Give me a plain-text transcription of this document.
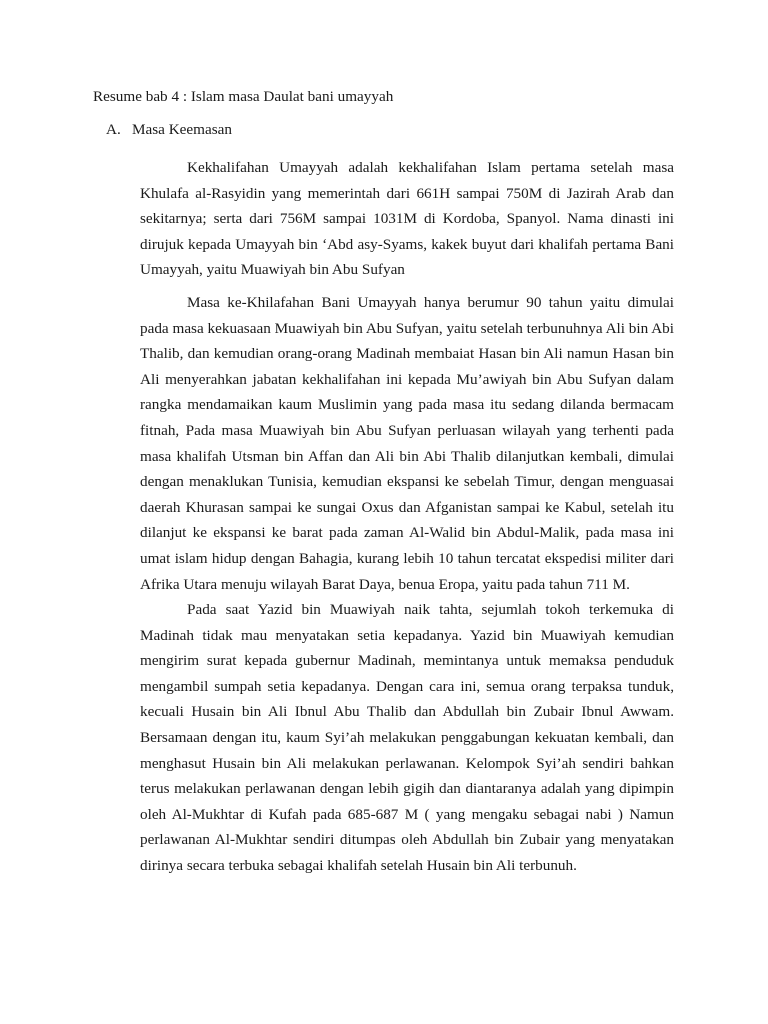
Resume bab 4 : Islam masa Daulat bani umayyah
A. Masa Keemasan

Kekhalifahan Umayyah adalah kekhalifahan Islam pertama setelah masa Khulafa al-Rasyidin yang memerintah dari 661H sampai 750M di Jazirah Arab dan sekitarnya; serta dari 756M sampai 1031M di Kordoba, Spanyol. Nama dinasti ini dirujuk kepada Umayyah bin ‘Abd asy-Syams, kakek buyut dari khalifah pertama Bani Umayyah, yaitu Muawiyah bin Abu Sufyan

Masa ke-Khilafahan Bani Umayyah hanya berumur 90 tahun yaitu dimulai pada masa kekuasaan Muawiyah bin Abu Sufyan, yaitu setelah terbunuhnya Ali bin Abi Thalib, dan kemudian orang-orang Madinah membaiat Hasan bin Ali namun Hasan bin Ali menyerahkan jabatan kekhalifahan ini kepada Mu’awiyah bin Abu Sufyan dalam rangka mendamaikan kaum Muslimin yang pada masa itu sedang dilanda bermacam fitnah, Pada masa Muawiyah bin Abu Sufyan perluasan wilayah yang terhenti pada masa khalifah Utsman bin Affan dan Ali bin Abi Thalib dilanjutkan kembali, dimulai dengan menaklukan Tunisia, kemudian ekspansi ke sebelah Timur, dengan menguasai daerah Khurasan sampai ke sungai Oxus dan Afganistan sampai ke Kabul, setelah itu dilanjut ke ekspansi ke barat pada zaman Al-Walid bin Abdul-Malik, pada masa ini umat islam hidup dengan Bahagia, kurang lebih 10 tahun tercatat ekspedisi militer dari Afrika Utara menuju wilayah Barat Daya, benua Eropa, yaitu pada tahun 711 M.

Pada saat Yazid bin Muawiyah naik tahta, sejumlah tokoh terkemuka di Madinah tidak mau menyatakan setia kepadanya. Yazid bin Muawiyah kemudian mengirim surat kepada gubernur Madinah, memintanya untuk memaksa penduduk mengambil sumpah setia kepadanya. Dengan cara ini, semua orang terpaksa tunduk, kecuali Husain bin Ali Ibnul Abu Thalib dan Abdullah bin Zubair Ibnul Awwam. Bersamaan dengan itu, kaum Syi’ah melakukan penggabungan kekuatan kembali, dan menghasut Husain bin Ali melakukan perlawanan. Kelompok Syi’ah sendiri bahkan terus melakukan perlawanan dengan lebih gigih dan diantaranya adalah yang dipimpin oleh Al-Mukhtar di Kufah pada 685-687 M ( yang mengaku sebagai nabi ) Namun perlawanan Al-Mukhtar sendiri ditumpas oleh Abdullah bin Zubair yang menyatakan dirinya secara terbuka sebagai khalifah setelah Husain bin Ali terbunuh.
